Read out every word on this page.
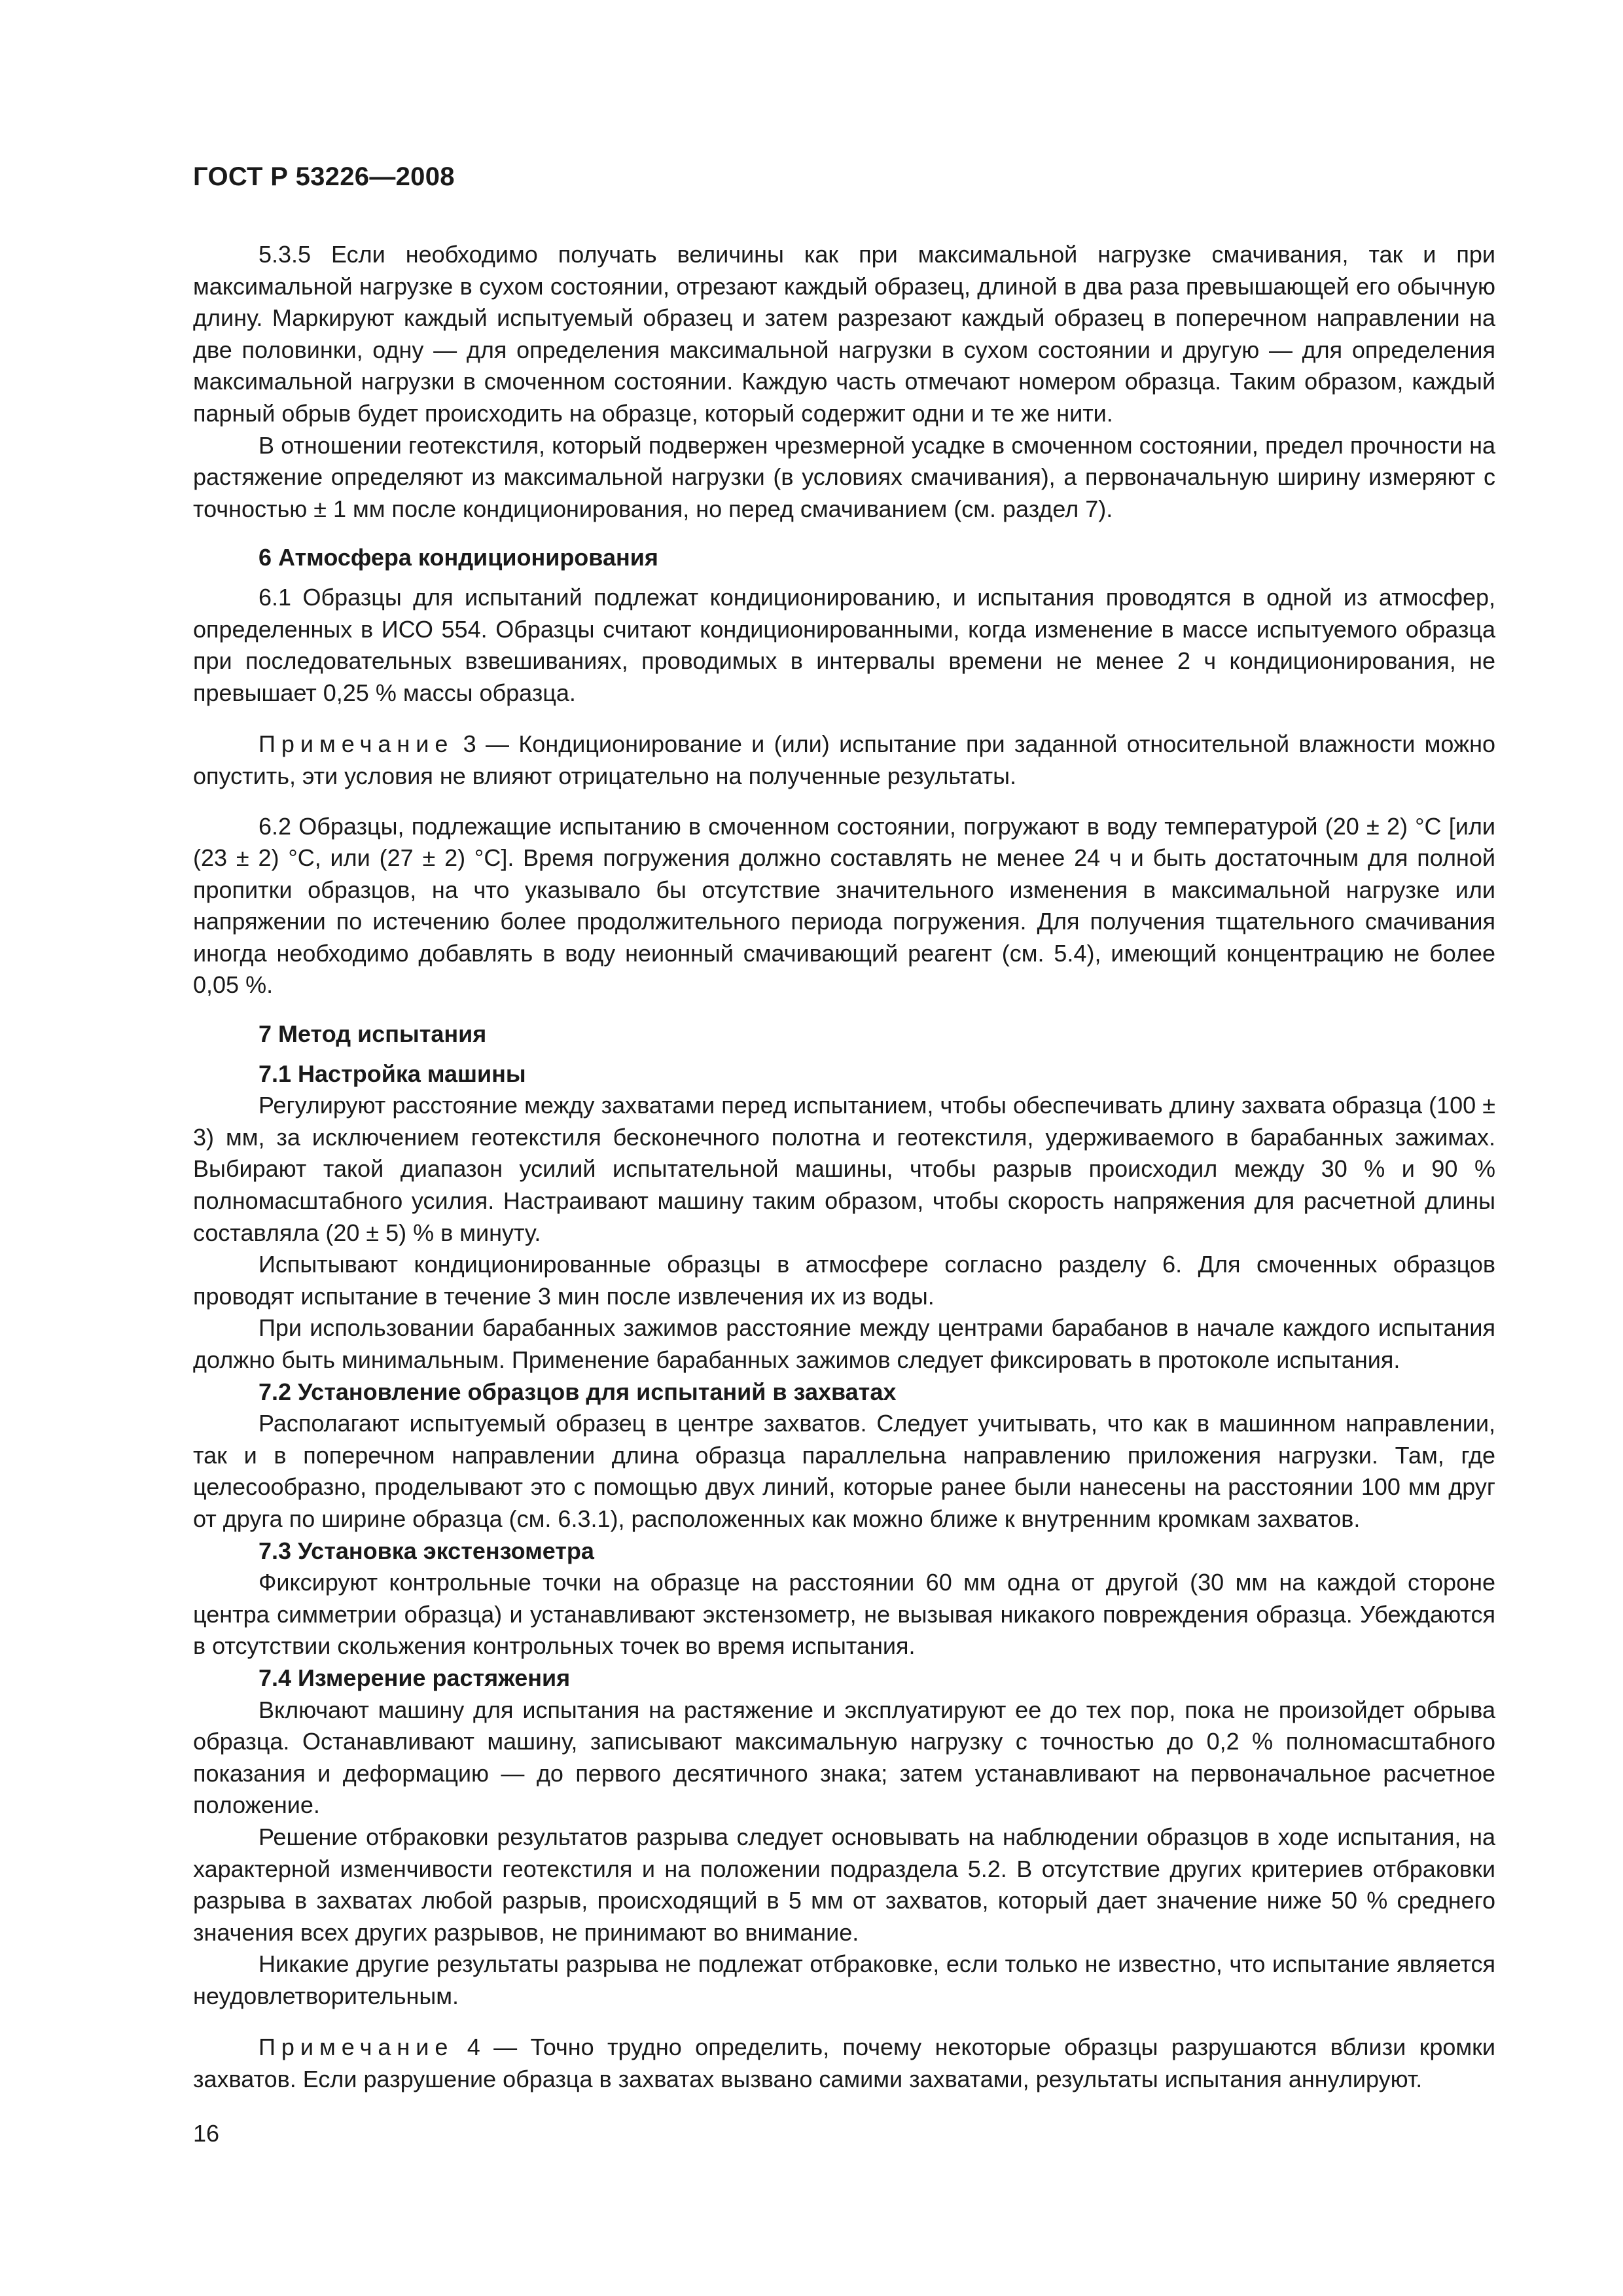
ГОСТ Р 53226—2008

5.3.5 Если необходимо получать величины как при максимальной нагрузке смачивания, так и при максимальной нагрузке в сухом состоянии, отрезают каждый образец, длиной в два раза превышающей его обычную длину. Маркируют каждый испытуемый образец и затем разрезают каждый образец в поперечном направлении на две половинки, одну — для определения максимальной нагрузки в сухом состоянии и другую — для определения максимальной нагрузки в смоченном состоянии. Каждую часть отмечают номером образца. Таким образом, каждый парный обрыв будет происходить на образце, который содержит одни и те же нити.

В отношении геотекстиля, который подвержен чрезмерной усадке в смоченном состоянии, предел прочности на растяжение определяют из максимальной нагрузки (в условиях смачивания), а первоначальную ширину измеряют с точностью ± 1 мм после кондиционирования, но перед смачиванием (см. раздел 7).

6 Атмосфера кондиционирования

6.1 Образцы для испытаний подлежат кондиционированию, и испытания проводятся в одной из атмосфер, определенных в ИСО 554. Образцы считают кондиционированными, когда изменение в массе испытуемого образца при последовательных взвешиваниях, проводимых в интервалы времени не менее 2 ч кондиционирования, не превышает 0,25 % массы образца.

Примечание 3 — Кондиционирование и (или) испытание при заданной относительной влажности можно опустить, эти условия не влияют отрицательно на полученные результаты.

6.2 Образцы, подлежащие испытанию в смоченном состоянии, погружают в воду температурой (20 ± 2) °С [или (23 ± 2) °С, или (27 ± 2) °С]. Время погружения должно составлять не менее 24 ч и быть достаточным для полной пропитки образцов, на что указывало бы отсутствие значительного изменения в максимальной нагрузке или напряжении по истечению более продолжительного периода погружения. Для получения тщательного смачивания иногда необходимо добавлять в воду неионный смачивающий реагент (см. 5.4), имеющий концентрацию не более 0,05 %.

7 Метод испытания
7.1 Настройка машины

Регулируют расстояние между захватами перед испытанием, чтобы обеспечивать длину захвата образца (100 ± 3) мм, за исключением геотекстиля бесконечного полотна и геотекстиля, удерживаемого в барабанных зажимах. Выбирают такой диапазон усилий испытательной машины, чтобы разрыв происходил между 30 % и 90 % полномасштабного усилия. Настраивают машину таким образом, чтобы скорость напряжения для расчетной длины составляла (20 ± 5) % в минуту.

Испытывают кондиционированные образцы в атмосфере согласно разделу 6. Для смоченных образцов проводят испытание в течение 3 мин после извлечения их из воды.

При использовании барабанных зажимов расстояние между центрами барабанов в начале каждого испытания должно быть минимальным. Применение барабанных зажимов следует фиксировать в протоколе испытания.

7.2 Установление образцов для испытаний в захватах

Располагают испытуемый образец в центре захватов. Следует учитывать, что как в машинном направлении, так и в поперечном направлении длина образца параллельна направлению приложения нагрузки. Там, где целесообразно, проделывают это с помощью двух линий, которые ранее были нанесены на расстоянии 100 мм друг от друга по ширине образца (см. 6.3.1), расположенных как можно ближе к внутренним кромкам захватов.

7.3 Установка экстензометра

Фиксируют контрольные точки на образце на расстоянии 60 мм одна от другой (30 мм на каждой стороне центра симметрии образца) и устанавливают экстензометр, не вызывая никакого повреждения образца. Убеждаются в отсутствии скольжения контрольных точек во время испытания.

7.4 Измерение растяжения

Включают машину для испытания на растяжение и эксплуатируют ее до тех пор, пока не произойдет обрыва образца. Останавливают машину, записывают максимальную нагрузку с точностью до 0,2 % полномасштабного показания и деформацию — до первого десятичного знака; затем устанавливают на первоначальное расчетное положение.

Решение отбраковки результатов разрыва следует основывать на наблюдении образцов в ходе испытания, на характерной изменчивости геотекстиля и на положении подраздела 5.2. В отсутствие других критериев отбраковки разрыва в захватах любой разрыв, происходящий в 5 мм от захватов, который дает значение ниже 50 % среднего значения всех других разрывов, не принимают во внимание.

Никакие другие результаты разрыва не подлежат отбраковке, если только не известно, что испытание является неудовлетворительным.

Примечание 4 — Точно трудно определить, почему некоторые образцы разрушаются вблизи кромки захватов. Если разрушение образца в захватах вызвано самими захватами, результаты испытания аннулируют.

16
